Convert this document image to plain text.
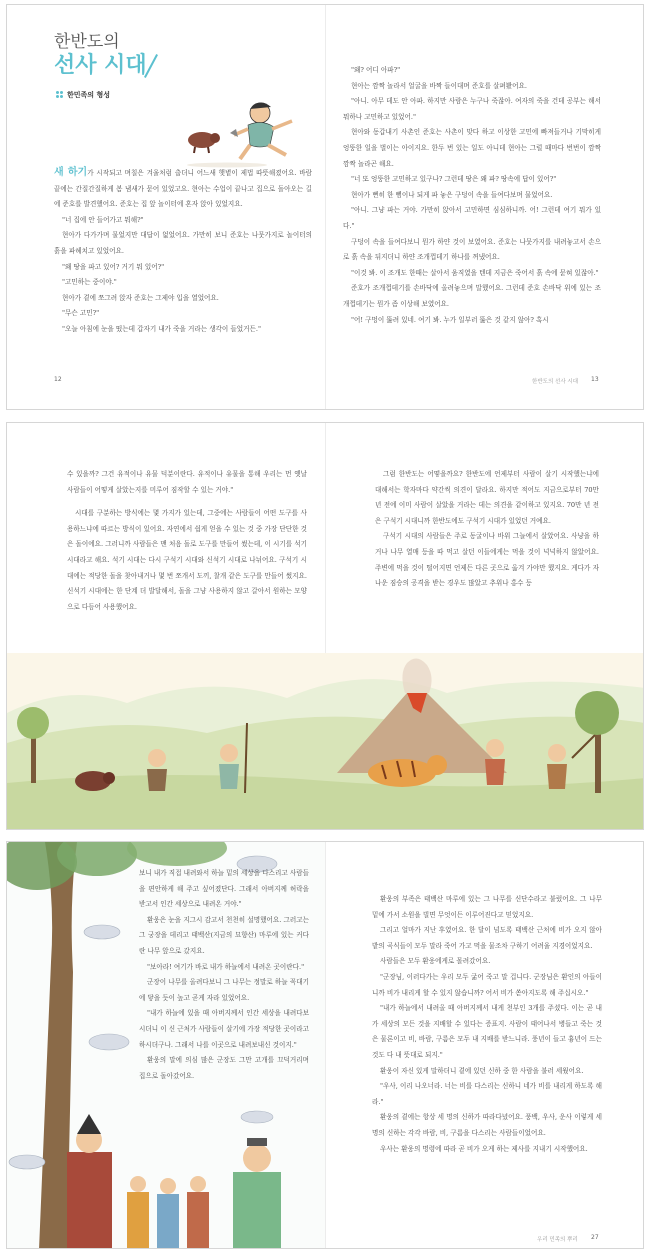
한반도의
선사 시대
한민족의 형성

새 하기가 시작되고 며칠은 겨울처럼 춥더니 어느새 햇볕이 제법 따뜻해졌어요. 바람 끝에는 간질간질하게 봄 냄새가 묻어 있었고요. 현아는 수업이 끝나고 집으로 돌아오는 길에 준호를 발견했어요. 준호는 집 앞 놀이터에 혼자 앉아 있었지요.

"너 집에 안 들어가고 뭐해?"

현아가 다가가며 물었지만 대답이 없었어요. 가만히 보니 준호는 나뭇가지로 놀이터의 흙을 파헤치고 있었어요.

"왜 땅을 파고 있어? 거기 뭐 있어?"

"고민하는 중이야."

현아가 곁에 쪼그려 앉자 준호는 그제야 입을 열었어요.

"무슨 고민?"

"오늘 아침에 눈을 떴는데 갑자기 내가 죽을 거라는 생각이 들었거든."

"왜? 어디 아파?"

현아는 깜짝 놀라서 얼굴을 바짝 들이대며 준호를 살펴봤어요.

"아니. 아무 데도 안 아파. 하지만 사람은 누구나 죽잖아. 여자의 죽을 건데 공부는 해서 뭐하나 고민하고 있었어."

현아와 동갑내기 사촌인 준호는 사촌이 맞다 하고 이상한 고민에 빠져들거나 기막히게 엉뚱한 일을 벌이는 아이지요. 한두 번 있는 일도 아니데 현아는 그럴 때마다 번번이 깜짝깜짝 놀라곤 해요.

"너 또 엉뚱한 고민하고 있구나? 그런데 땅은 왜 파? 땅속에 답이 있어?"

현아가 뻔히 한 뼘이나 되게 파 놓은 구덩이 속을 들여다보며 물었어요.

"아니. 그냥 파는 거야. 가만히 앉아서 고민하면 심심하니까. 어! 그런데 여기 뭐가 있다."

구덩이 속을 들여다보니 뭔가 하얀 것이 보였어요. 준호는 나뭇가지를 내려놓고서 손으로 흙 속을 뒤지더니 하얀 조개껍데기 하나를 꺼냈어요.

"이것 봐. 이 조개도 한때는 살아서 움직였을 텐데 지금은 죽어서 흙 속에 묻혀 있잖아."

준호가 조개껍데기를 손바닥에 올려놓으며 말했어요. 그런데 준호 손바닥 위에 있는 조개껍데기는 뭔가 좀 이상해 보였어요.

"어! 구멍이 뚫려 있네. 여기 봐. 누가 일부러 뚫은 것 같지 않아? 혹시

12	한반도의 선사 시대 13

수 있을까? 그건 유적이나 유물 덕분이란다. 유적이나 유물을 통해 우리는 먼 옛날 사람들이 어떻게 살았는지를 미루어 짐작할 수 있는 거야."

시대를 구분하는 방식에는 몇 가지가 있는데, 그중에는 사람들이 어떤 도구를 사용하느냐에 따르는 방식이 있어요. 자연에서 쉽게 얻을 수 있는 것 중 가장 단단한 것은 돌이에요. 그러니까 사람들은 맨 처음 돌로 도구를 만들어 썼는데, 이 시기를 석기 시대라고 해요. 석기 시대는 다시 구석기 시대와 신석기 시대로 나뉘어요. 구석기 시대에는 적당한 돌을 찾아내거나 몇 번 쪼개서 도끼, 찰개 같은 도구를 만들어 썼지요. 신석기 시대에는 한 단계 더 발달해서, 돌을 그냥 사용하지 않고 갈아서 원하는 모양으로 다듬어 사용했어요.

그럼 한반도는 어떻을까요? 한반도에 언제부터 사람이 살기 시작했는냐에 대해서는 학자마다 약간씩 의견이 달라요. 하지만 적어도 지금으로부터 70만 년 전에 이미 사람이 살았을 거라는 데는 의견을 같이하고 있지요. 70만 년 전은 구석기 시대니까 한반도에도 구석기 시대가 있었던 거예요.

구석기 시대의 사람들은 주로 동굴이나 바위 그늘에서 살았어요. 사냥을 하거나 나무 열매 등을 따 먹고 살던 이들에게는 먹을 것이 넉넉하지 않았어요. 주변에 먹을 것이 떨어지면 언제든 다른 곳으로 옮겨 가야만 했지요. 게다가 자나운 짐승의 공격을 받는 경우도 많았고 추위나 홍수 등

보니 내가 직접 내려와서 하늘 밑의 세상을 다스리고 사람들을 편안하게 해 주고 싶어졌단다. 그래서 아버지께 허락을 받고서 인간 세상으로 내려온 거야."

환웅은 눈을 지그시 감고서 천천히 설명했어요. 그러고는 그 궁장을 데리고 태백산(지금의 묘향산) 마루에 있는 커다란 나무 앞으로 갔지요.

"보아라! 여기가 바로 내가 하늘에서 내려온 곳이란다."

군장이 나무를 올려다보니 그 나무는 정말로 하늘 꼭대기에 닿을 듯이 높고 곧게 자라 있었어요.

"내가 하늘에 있을 때 아버지께서 인간 세상을 내려다보시더니 이 신 근처가 사람들이 살기에 가장 적당한 곳이라고 하시더구나. 그래서 나를 이곳으로 내려보내신 것이지."

환웅의 말에 의심 많은 군장도 그만 고개를 끄덕거리며 집으로 돌아갔어요.

환웅의 부족은 태백산 마루에 있는 그 나무를 신단수라고 불렀어요. 그 나무 밑에 가서 소원을 빌면 무엇이든 이루어진다고 믿었지요.

그리고 얼마가 지난 후였어요. 한 달이 넘도록 태백산 근처에 비가 오지 않아 밭의 곡식들이 모두 말라 죽어 가고 먹을 물조차 구하기 어려울 지경이었지요.

사람들은 모두 환웅에게로 몰려갔어요.

"군장님, 이러다가는 우리 모두 굶어 죽고 말 겁니다. 군장님은 환인의 아들이니까 비가 내리게 할 수 있지 않습니까? 어서 비가 쏟아지도록 해 주십시오."

"내가 하늘에서 내려올 때 아버지께서 내게 천부인 3개를 주셨다. 이는 곧 내가 세상의 모든 것을 지배할 수 있다는 증표지. 사람이 태어나서 병들고 죽는 것은 물론이고 비, 바람, 구름은 모두 내 지배를 받느니라. 풍년이 들고 흉년이 드는 것도 다 내 뜻대로 되지."

환웅이 자신 있게 말하더니 곁에 있던 신하 중 한 사람을 불러 세웠어요.

"우사, 이리 나오너라. 너는 비를 다스리는 신하니 네가 비를 내리게 하도록 해라."

환웅의 곁에는 항상 세 명의 신하가 따라다녔어요. 풍백, 우사, 운사 이렇게 세 명의 신하는 각각 바람, 비, 구름을 다스리는 사람들이었어요.

우사는 환웅의 명령에 따라 곧 비가 오게 하는 제사를 지내기 시작했어요.

우리 민족의 뿌리 27
